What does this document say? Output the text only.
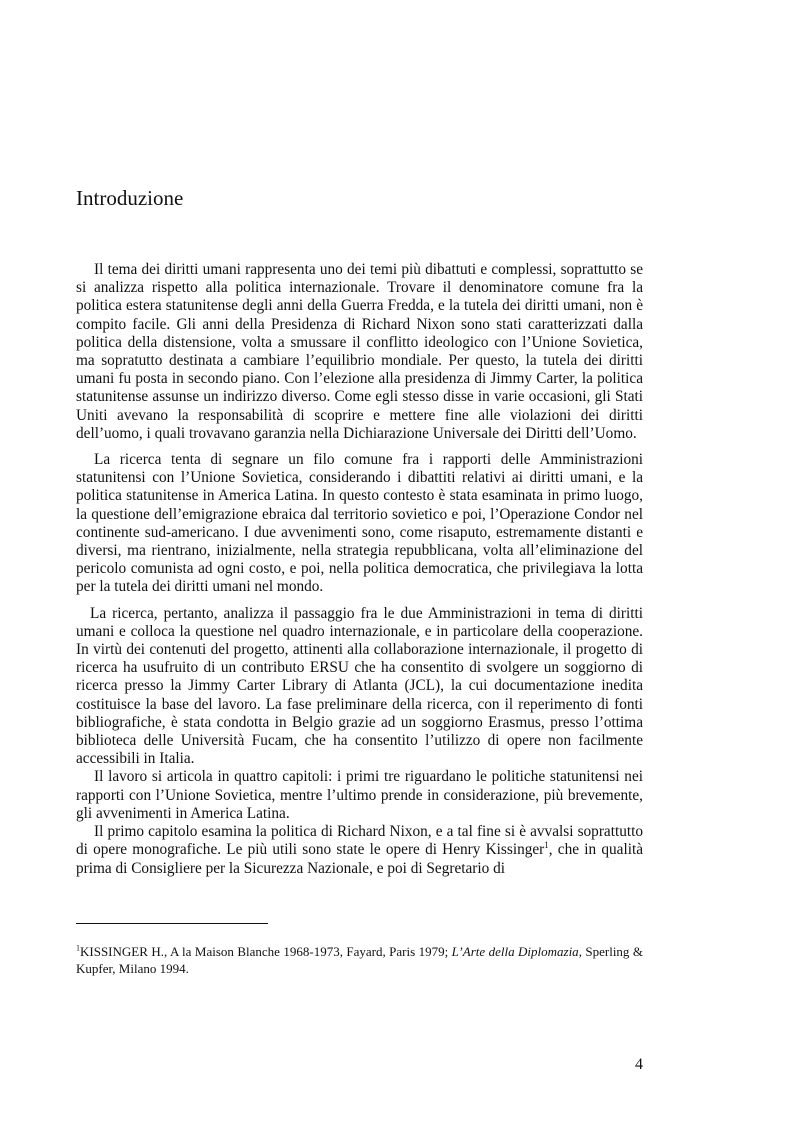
Introduzione

Il tema dei diritti umani rappresenta uno dei temi più dibattuti e complessi, soprattutto se si analizza rispetto alla politica internazionale. Trovare il denominatore comune fra la politica estera statunitense degli anni della Guerra Fredda, e la tutela dei diritti umani, non è compito facile. Gli anni della Presidenza di Richard Nixon sono stati caratterizzati dalla politica della distensione, volta a smussare il conflitto ideologico con l’Unione Sovietica, ma sopratutto destinata a cambiare l’equilibrio mondiale. Per questo, la tutela dei diritti umani fu posta in secondo piano. Con l’elezione alla presidenza di Jimmy Carter, la politica statunitense assunse un indirizzo diverso. Come egli stesso disse in varie occasioni, gli Stati Uniti avevano la responsabilità di scoprire e mettere fine alle violazioni dei diritti dell’uomo, i quali trovavano garanzia nella Dichiarazione Universale dei Diritti dell’Uomo.

La ricerca tenta di segnare un filo comune fra i rapporti delle Amministrazioni statunitensi con l’Unione Sovietica, considerando i dibattiti relativi ai diritti umani, e la politica statunitense in America Latina. In questo contesto è stata esaminata in primo luogo, la questione dell’emigrazione ebraica dal territorio sovietico e poi, l’Operazione Condor nel continente sud-americano. I due avvenimenti sono, come risaputo, estremamente distanti e diversi, ma rientrano, inizialmente, nella strategia repubblicana, volta all’eliminazione del pericolo comunista ad ogni costo, e poi, nella politica democratica, che privilegiava la lotta per la tutela dei diritti umani nel mondo.

La ricerca, pertanto, analizza il passaggio fra le due Amministrazioni in tema di diritti umani e colloca la questione nel quadro internazionale, e in particolare della cooperazione. In virtù dei contenuti del progetto, attinenti alla collaborazione internazionale, il progetto di ricerca ha usufruito di un contributo ERSU che ha consentito di svolgere un soggiorno di ricerca presso la Jimmy Carter Library di Atlanta (JCL), la cui documentazione inedita costituisce la base del lavoro. La fase preliminare della ricerca, con il reperimento di fonti bibliografiche, è stata condotta in Belgio grazie ad un soggiorno Erasmus, presso l’ottima biblioteca delle Università Fucam, che ha consentito l’utilizzo di opere non facilmente accessibili in Italia.

Il lavoro si articola in quattro capitoli: i primi tre riguardano le politiche statunitensi nei rapporti con l’Unione Sovietica, mentre l’ultimo prende in considerazione, più brevemente, gli avvenimenti in America Latina.

Il primo capitolo esamina la politica di Richard Nixon, e a tal fine si è avvalsi soprattutto di opere monografiche. Le più utili sono state le opere di Henry Kissinger$^1$, che in qualità prima di Consigliere per la Sicurezza Nazionale, e poi di Segretario di

$^1$KISSINGER H., A la Maison Blanche 1968-1973, Fayard, Paris 1979; L’Arte della Diplomazia, Sperling & Kupfer, Milano 1994.
4
